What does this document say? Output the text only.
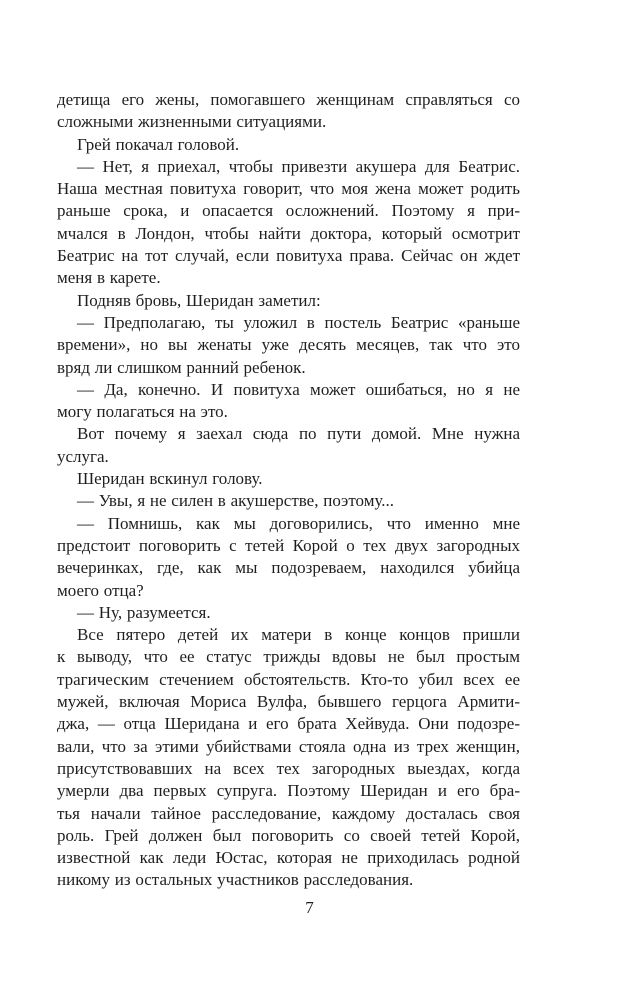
детища его жены, помогавшего женщинам справляться со
сложными жизненными ситуациями.
Грей покачал головой.
— Нет, я приехал, чтобы привезти акушера для Беатрис.
Наша местная повитуха говорит, что моя жена может родить
раньше срока, и опасается осложнений. Поэтому я при-
мчался в Лондон, чтобы найти доктора, который осмотрит
Беатрис на тот случай, если повитуха права. Сейчас он ждет
меня в карете.
Подняв бровь, Шеридан заметил:
— Предполагаю, ты уложил в постель Беатрис «раньше
времени», но вы женаты уже десять месяцев, так что это
вряд ли слишком ранний ребенок.
— Да, конечно. И повитуха может ошибаться, но я не
могу полагаться на это.
Вот почему я заехал сюда по пути домой. Мне нужна
услуга.
Шеридан вскинул голову.
— Увы, я не силен в акушерстве, поэтому...
— Помнишь, как мы договорились, что именно мне
предстоит поговорить с тетей Корой о тех двух загородных
вечеринках, где, как мы подозреваем, находился убийца
моего отца?
— Ну, разумеется.
Все пятеро детей их матери в конце концов пришли
к выводу, что ее статус трижды вдовы не был простым
трагическим стечением обстоятельств. Кто-то убил всех ее
мужей, включая Мориса Вулфа, бывшего герцога Армити-
джа, — отца Шеридана и его брата Хейвуда. Они подозре-
вали, что за этими убийствами стояла одна из трех женщин,
присутствовавших на всех тех загородных выездах, когда
умерли два первых супруга. Поэтому Шеридан и его бра-
тья начали тайное расследование, каждому досталась своя
роль. Грей должен был поговорить со своей тетей Корой,
известной как леди Юстас, которая не приходилась родной
никому из остальных участников расследования.
7
